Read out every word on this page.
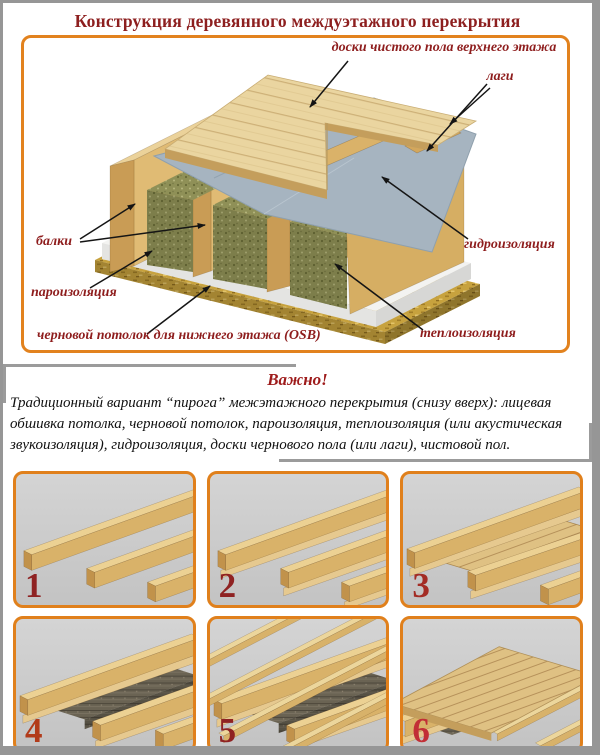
Конструкция деревянного междуэтажного перекрытия
доски чистого пола верхнего этажа
лаги
балки
пароизоляция
черновой потолок для нижнего этажа (OSB)
гидроизоляция
теплоизоляция
Важно!

Традиционный вариант “пирога” межэтажного перекрытия (снизу вверх): лицевая обшивка потолка, черновой потолок, пароизоляция, теплоизоляция (или акустическая звукоизоляция), гидроизоляция, доски чернового пола (или лаги), чистовой пол.

1	2	3
4	5	6
